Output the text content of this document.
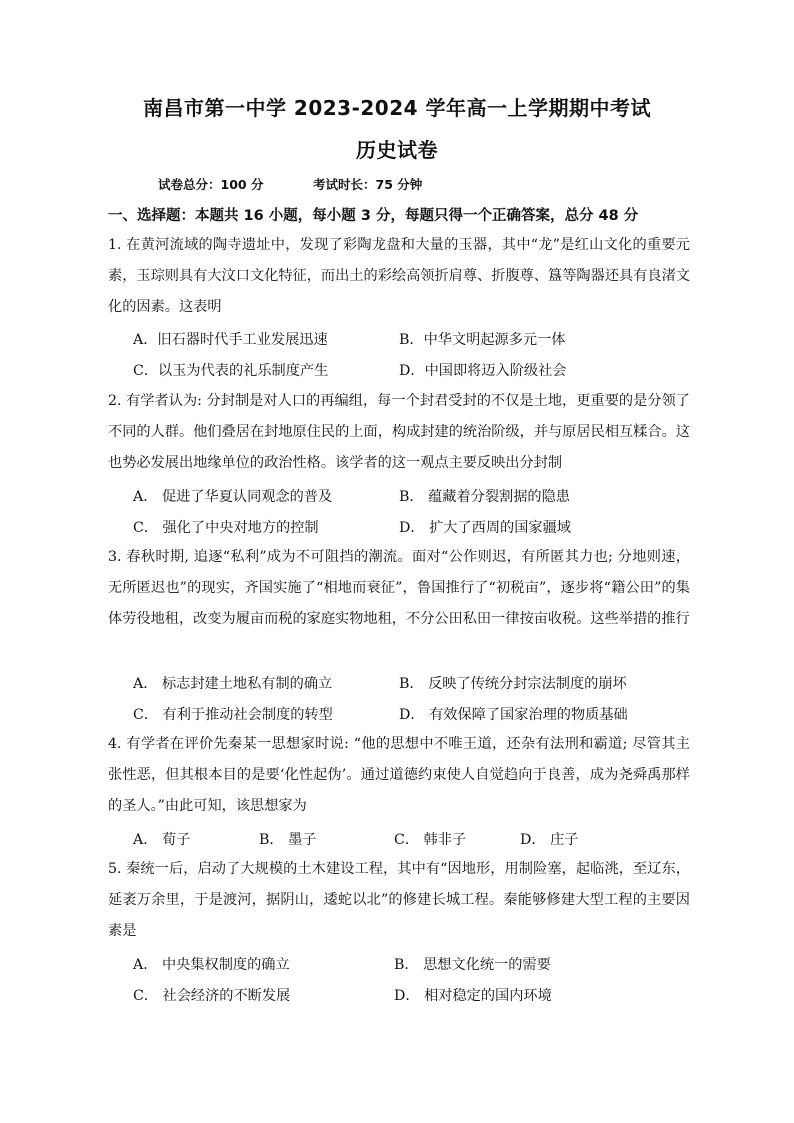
南昌市第一中学 2023-2024 学年高一上学期期中考试
历史试卷
试卷总分：100 分	考试时长：75 分钟
一、选择题：本题共 16 小题，每小题 3 分，每题只得一个正确答案，总分 48 分
1. 在黄河流域的陶寺遗址中，发现了彩陶龙盘和大量的玉器，其中“龙”是红山文化的重要元素，玉琮则具有大汶口文化特征，而出土的彩绘高领折肩尊、折腹尊、簋等陶器还具有良渚文化的因素。这表明
A．旧石器时代手工业发展迅速	B．中华文明起源多元一体
C．以玉为代表的礼乐制度产生	D．中国即将迈入阶级社会
2. 有学者认为: 分封制是对人口的再编组，每一个封君受封的不仅是土地，更重要的是分领了不同的人群。他们叠居在封地原住民的上面，构成封建的统治阶级，并与原居民相互糅合。这也势必发展出地缘单位的政治性格。该学者的这一观点主要反映出分封制
A． 促进了华夏认同观念的普及	B． 蕴藏着分裂割据的隐患
C． 强化了中央对地方的控制	D． 扩大了西周的国家疆域
3. 春秋时期, 追逐“私利”成为不可阻挡的潮流。面对“公作则迟，有所匿其力也; 分地则速，无所匿迟也”的现实，齐国实施了“相地而衰征”，鲁国推行了“初税亩”，逐步将“籍公田”的集体劳役地租，改变为履亩而税的家庭实物地租，不分公田私田一律按亩收税。这些举措的推行
A． 标志封建土地私有制的确立	B． 反映了传统分封宗法制度的崩坏
C． 有利于推动社会制度的转型	D． 有效保障了国家治理的物质基础
4. 有学者在评价先秦某一思想家时说: “他的思想中不唯王道，还杂有法刑和霸道; 尽管其主张性恶，但其根本目的是要‘化性起伪’。通过道德约束使人自觉趋向于良善，成为尧舜禹那样的圣人。”由此可知，该思想家为
A． 荀子	B． 墨子	C． 韩非子	D． 庄子
5. 秦统一后，启动了大规模的土木建设工程，其中有“因地形，用制险塞，起临洮，至辽东，延袤万余里，于是渡河，据阴山，逶蛇以北”的修建长城工程。秦能够修建大型工程的主要因素是
A． 中央集权制度的确立	B． 思想文化统一的需要
C． 社会经济的不断发展	D． 相对稳定的国内环境
